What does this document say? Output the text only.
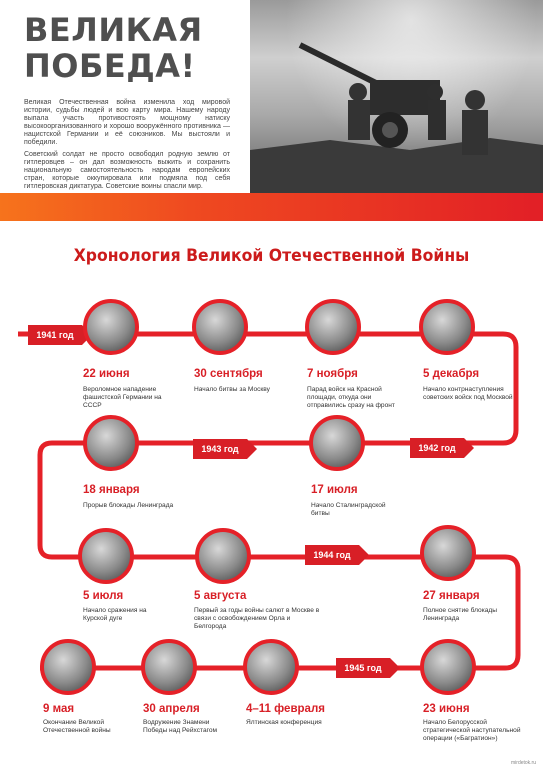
ВЕЛИКАЯ
ПОБЕДА!

Великая Отечественная война изменила ход мировой истории, судьбы людей и всю карту мира. Нашему народу выпала участь противостоять мощному натиску высокоорганизованного и хорошо вооружённого противника — нацистской Германии и её союзников. Мы выстояли и победили.

Советский солдат не просто освободил родную землю от гитлеровцев – он дал возможность выжить и сохранить национальную самостоятельность народам европейских стран, которые оккупировала или подмяла под себя гитлеровская диктатура. Советские воины спасли мир.

Хронология Великой Отечественной Войны
1941 год
1942 год
1943 год
1944 год
1945 год
22 июня
Вероломное нападение фашистской Германии на СССР
30 сентября
Начало битвы за Москву
7 ноября
Парад войск на Красной площади, откуда они отправились сразу на фронт
5 декабря
Начало контрнаступления советских войск под Москвой
17 июля
Начало Сталинградской битвы
18 января
Прорыв блокады Ленинграда
5 июля
Начало сражения на Курской дуге
5 августа
Первый за годы войны салют в Москве в связи с освобождением Орла и Белгорода
27 января
Полное снятие блокады Ленинграда
23 июня
Начало Белорусской стратегической наступательной операции («Багратион»)
4–11 февраля
Ялтинская конференция
30 апреля
Водружение Знамени Победы над Рейхстагом
9 мая
Окончание Великой Отечественной войны
mirdetok.ru
